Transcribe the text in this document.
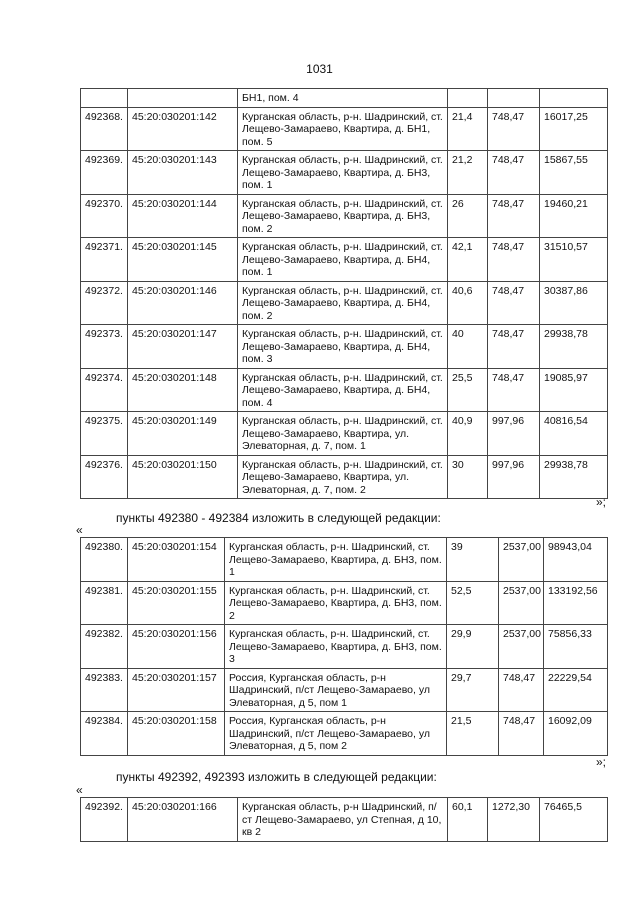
1031
		БН1, пом. 4			
492368.	45:20:030201:142	Курганская область, р-н. Шадринский, ст. Лещево-Замараево, Квартира, д. БН1, пом. 5	21,4	748,47	16017,25
492369.	45:20:030201:143	Курганская область, р-н. Шадринский, ст. Лещево-Замараево, Квартира, д. БН3, пом. 1	21,2	748,47	15867,55
492370.	45:20:030201:144	Курганская область, р-н. Шадринский, ст. Лещево-Замараево, Квартира, д. БН3, пом. 2	26	748,47	19460,21
492371.	45:20:030201:145	Курганская область, р-н. Шадринский, ст. Лещево-Замараево, Квартира, д. БН4, пом. 1	42,1	748,47	31510,57
492372.	45:20:030201:146	Курганская область, р-н. Шадринский, ст. Лещево-Замараево, Квартира, д. БН4, пом. 2	40,6	748,47	30387,86
492373.	45:20:030201:147	Курганская область, р-н. Шадринский, ст. Лещево-Замараево, Квартира, д. БН4, пом. 3	40	748,47	29938,78
492374.	45:20:030201:148	Курганская область, р-н. Шадринский, ст. Лещево-Замараево, Квартира, д. БН4, пом. 4	25,5	748,47	19085,97
492375.	45:20:030201:149	Курганская область, р-н. Шадринский, ст. Лещево-Замараево, Квартира, ул. Элеваторная, д. 7, пом. 1	40,9	997,96	40816,54
492376.	45:20:030201:150	Курганская область, р-н. Шадринский, ст. Лещево-Замараево, Квартира, ул. Элеваторная, д. 7, пом. 2	30	997,96	29938,78
»;
пункты 492380 - 492384 изложить в следующей редакции:
«
492380.	45:20:030201:154	Курганская область, р-н. Шадринский, ст. Лещево-Замараево, Квартира, д. БН3, пом. 1	39	2537,00	98943,04
492381.	45:20:030201:155	Курганская область, р-н. Шадринский, ст. Лещево-Замараево, Квартира, д. БН3, пом. 2	52,5	2537,00	133192,56
492382.	45:20:030201:156	Курганская область, р-н. Шадринский, ст. Лещево-Замараево, Квартира, д. БН3, пом. 3	29,9	2537,00	75856,33
492383.	45:20:030201:157	Россия, Курганская область, р-н Шадринский, п/ст Лещево-Замараево, ул Элеваторная, д 5, пом 1	29,7	748,47	22229,54
492384.	45:20:030201:158	Россия, Курганская область, р-н Шадринский, п/ст Лещево-Замараево, ул Элеваторная, д 5, пом 2	21,5	748,47	16092,09
»;
пункты 492392, 492393 изложить в следующей редакции:
«
492392.	45:20:030201:166	Курганская область, р-н Шадринский, п/ст Лещево-Замараево, ул Степная, д 10, кв 2	60,1	1272,30	76465,5
